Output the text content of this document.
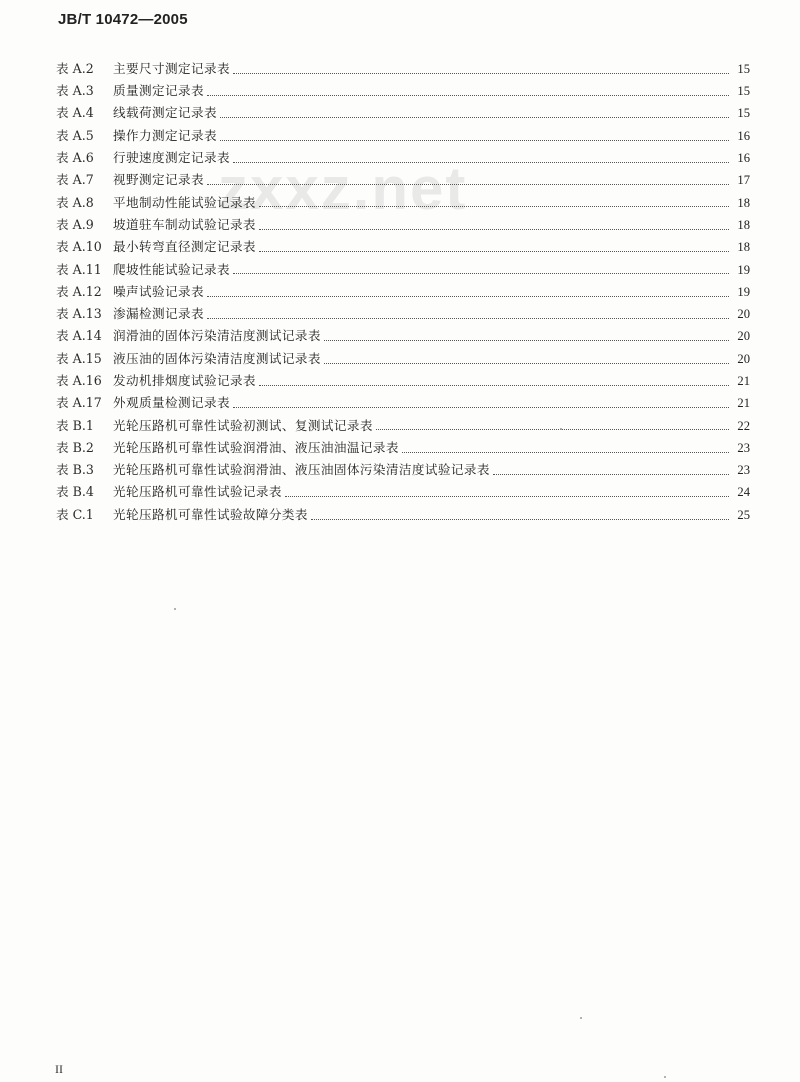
JB/T 10472—2005
zxxz.net
表 A.2	主要尺寸测定记录表	15
表 A.3	质量测定记录表	15
表 A.4	线载荷测定记录表	15
表 A.5	操作力测定记录表	16
表 A.6	行驶速度测定记录表	16
表 A.7	视野测定记录表	17
表 A.8	平地制动性能试验记录表	18
表 A.9	坡道驻车制动试验记录表	18
表 A.10 最小转弯直径测定记录表	18
表 A.11 爬坡性能试验记录表	19
表 A.12 噪声试验记录表	19
表 A.13 渗漏检测记录表	20
表 A.14 润滑油的固体污染清洁度测试记录表	20
表 A.15 液压油的固体污染清洁度测试记录表	20
表 A.16 发动机排烟度试验记录表	21
表 A.17 外观质量检测记录表	21
表 B.1	光轮压路机可靠性试验初测试、复测试记录表	22
表 B.2	光轮压路机可靠性试验润滑油、液压油油温记录表	23
表 B.3	光轮压路机可靠性试验润滑油、液压油固体污染清洁度试验记录表	23
表 B.4	光轮压路机可靠性试验记录表	24
表 C.1	光轮压路机可靠性试验故障分类表	25
II
